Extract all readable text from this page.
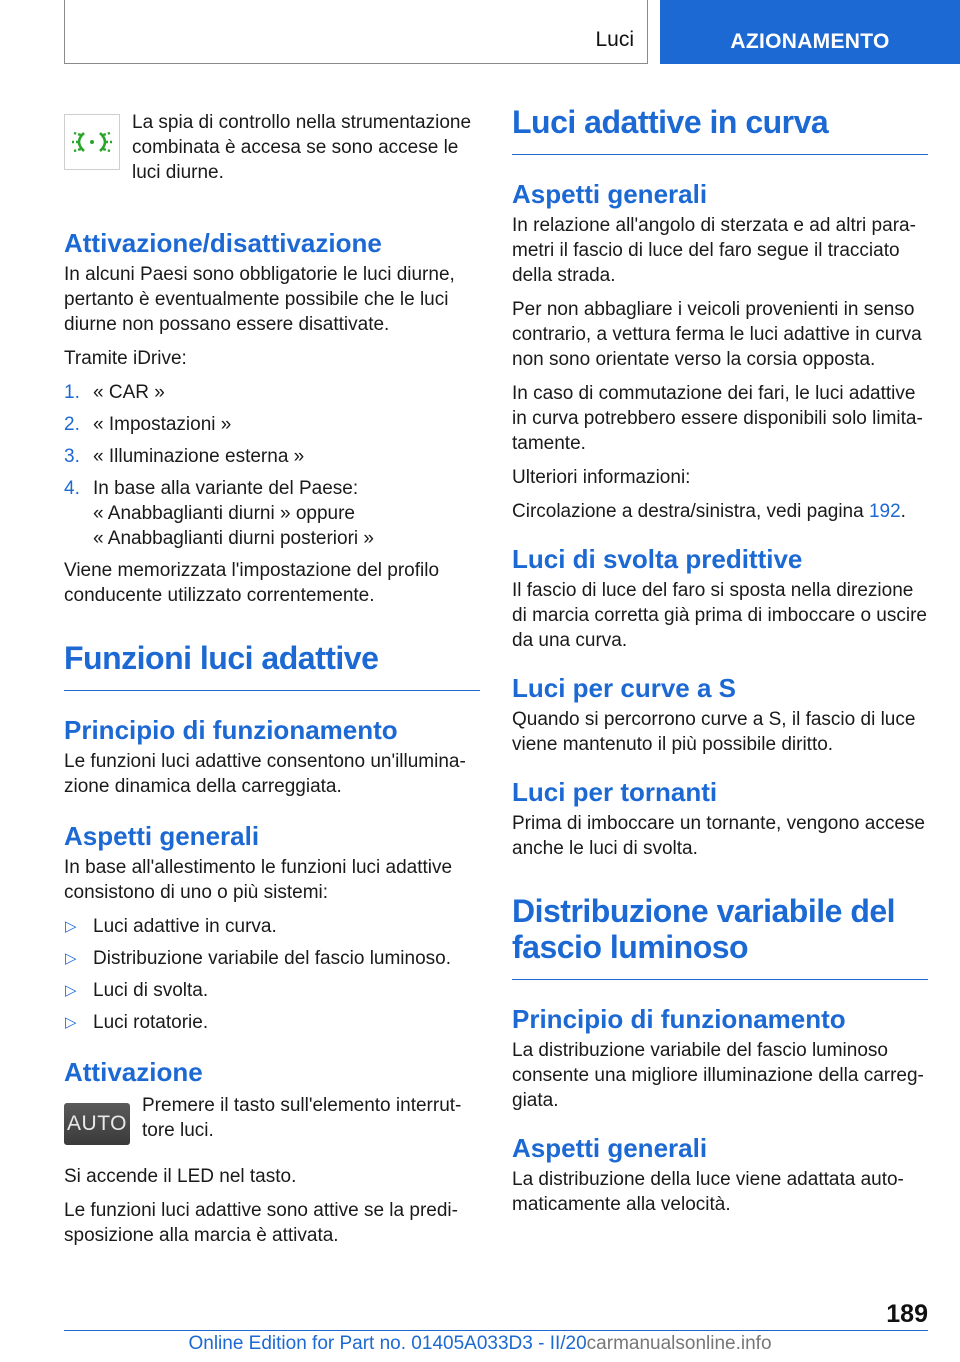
Luci	AZIONAMENTO

La spia di controllo nella strumentazione combinata è accesa se sono accese le luci diurne.

Attivazione/disattivazione

In alcuni Paesi sono obbligatorie le luci diurne, pertanto è eventualmente possibile che le luci diurne non possano essere disattivate.

Tramite iDrive:

1. « CAR »
2. « Impostazioni »
3. « Illuminazione esterna »
4. In base alla variante del Paese:
« Anabbaglianti diurni » oppure
« Anabbaglianti diurni posteriori »

Viene memorizzata l'impostazione del profilo conducente utilizzato correntemente.

Funzioni luci adattive
Principio di funzionamento

Le funzioni luci adattive consentono un'illumina-zione dinamica della carreggiata.

Aspetti generali

In base all'allestimento le funzioni luci adattive consistono di uno o più sistemi:

▷ Luci adattive in curva.
▷ Distribuzione variabile del fascio luminoso.
▷ Luci di svolta.
▷ Luci rotatorie.
Attivazione
AUTO

Premere il tasto sull'elemento interrut-tore luci.

Si accende il LED nel tasto.

Le funzioni luci adattive sono attive se la predi-sposizione alla marcia è attivata.

Luci adattive in curva
Aspetti generali

In relazione all'angolo di sterzata e ad altri para-metri il fascio di luce del faro segue il tracciato della strada.

Per non abbagliare i veicoli provenienti in senso contrario, a vettura ferma le luci adattive in curva non sono orientate verso la corsia opposta.

In caso di commutazione dei fari, le luci adattive in curva potrebbero essere disponibili solo limita-tamente.

Ulteriori informazioni:

Circolazione a destra/sinistra, vedi pagina 192.

Luci di svolta predittive

Il fascio di luce del faro si sposta nella direzione di marcia corretta già prima di imboccare o uscire da una curva.

Luci per curve a S

Quando si percorrono curve a S, il fascio di luce viene mantenuto il più possibile diritto.

Luci per tornanti

Prima di imboccare un tornante, vengono accese anche le luci di svolta.

Distribuzione variabile del
fascio luminoso
Principio di funzionamento

La distribuzione variabile del fascio luminoso consente una migliore illuminazione della carreg-giata.

Aspetti generali

La distribuzione della luce viene adattata auto-maticamente alla velocità.

189
Online Edition for Part no. 01405A033D3 - II/20carmanualsonline.info
